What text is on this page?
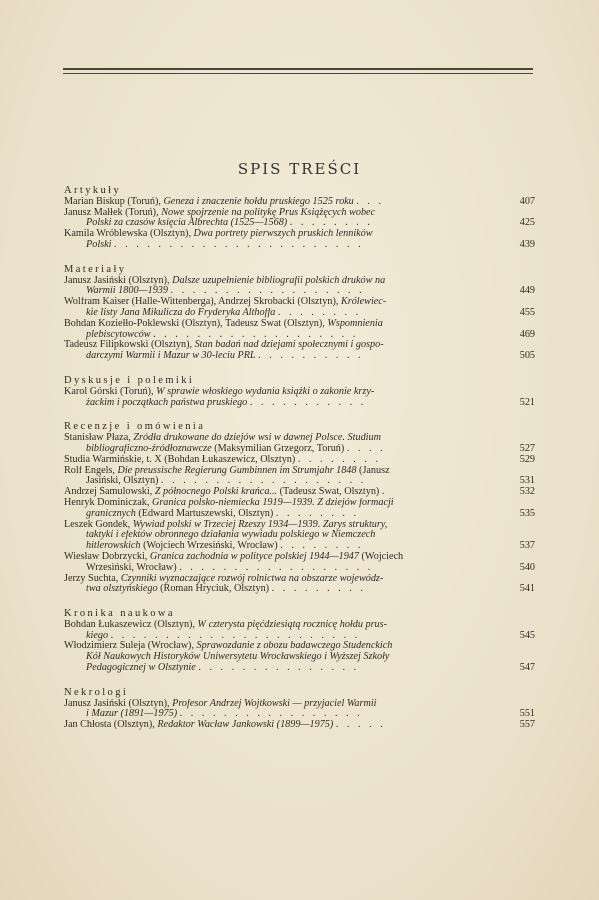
SPIS TREŚCI
Artykuły
Marian Biskup (Toruń), Geneza i znaczenie hołdu pruskiego 1525 roku . . .	407
Janusz Małłek (Toruń), Nowe spojrzenie na politykę Prus Książęcych wobec
Polski za czasów księcia Albrechta (1525—1568) . . . . . . . .	425
Kamila Wróblewska (Olsztyn), Dwa portrety pierwszych pruskich lenników
Polski . . . . . . . . . . . . . . . . . . . . . . .	439
Materiały
Janusz Jasiński (Olsztyn), Dalsze uzupełnienie bibliografii polskich druków na
Warmii 1800—1939 . . . . . . . . . . . . . . . . . .	449
Wolfram Kaiser (Halle-Wittenberga), Andrzej Skrobacki (Olsztyn), Królewiec-
kie listy Jana Mikulicza do Fryderyka Althoffa . . . . . . . .	455
Bohdan Koziełło-Poklewski (Olsztyn), Tadeusz Swat (Olsztyn), Wspomnienia
plebiscytowców . . . . . . . . . . . . . . . . . . .	469
Tadeusz Filipkowski (Olsztyn), Stan badań nad dziejami społecznymi i gospo-
darczymi Warmii i Mazur w 30-leciu PRL . . . . . . . . . .	505
Dyskusje i polemiki
Karol Górski (Toruń), W sprawie włoskiego wydania książki o zakonie krzy-
żackim i początkach państwa pruskiego . . . . . . . . . . .	521
Recenzje i omówienia
Stanisław Płaza, Źródła drukowane do dziejów wsi w dawnej Polsce. Studium
bibliograficzno-źródłoznawcze (Maksymilian Grzegorz, Toruń) . . . .	527
Studia Warmińskie, t. X (Bohdan Łukaszewicz, Olsztyn) . . . . . . . .	529
Rolf Engels, Die preussische Regierung Gumbinnen im Strumjahr 1848 (Janusz
Jasiński, Olsztyn) . . . . . . . . . . . . . . . . . . .	531
Andrzej Samulowski, Z północnego Polski krańca... (Tadeusz Swat, Olsztyn) .	532
Henryk Dominiczak, Granica polsko-niemiecka 1919—1939. Z dziejów formacji
granicznych (Edward Martuszewski, Olsztyn) . . . . . . . .	535
Leszek Gondek, Wywiad polski w Trzeciej Rzeszy 1934—1939. Zarys struktury,
taktyki i efektów obronnego działania wywiadu polskiego w Niemczech
hitlerowskich (Wojciech Wrzesiński, Wrocław) . . . . . . . .	537
Wiesław Dobrzycki, Granica zachodnia w polityce polskiej 1944—1947 (Wojciech
Wrzesiński, Wrocław) . . . . . . . . . . . . . . . . . .	540
Jerzy Suchta, Czynniki wyznaczające rozwój rolnictwa na obszarze wojewódz-
twa olsztyńskiego (Roman Hryciuk, Olsztyn) . . . . . . . . .	541
Kronika naukowa
Bohdan Łukaszewicz (Olsztyn), W czterysta pięćdziesiątą rocznicę hołdu prus-
kiego . . . . . . . . . . . . . . . . . . . . . . .	545
Włodzimierz Suleja (Wrocław), Sprawozdanie z obozu badawczego Studenckich
Kół Naukowych Historyków Uniwersytetu Wrocławskiego i Wyższej Szkoły
Pedagogicznej w Olsztynie . . . . . . . . . . . . . . .	547
Nekrologi
Janusz Jasiński (Olsztyn), Profesor Andrzej Wojtkowski — przyjaciel Warmii
i Mazur (1891—1975) . . . . . . . . . . . . . . . . .	551
Jan Chłosta (Olsztyn), Redaktor Wacław Jankowski (1899—1975) . . . . .	557
